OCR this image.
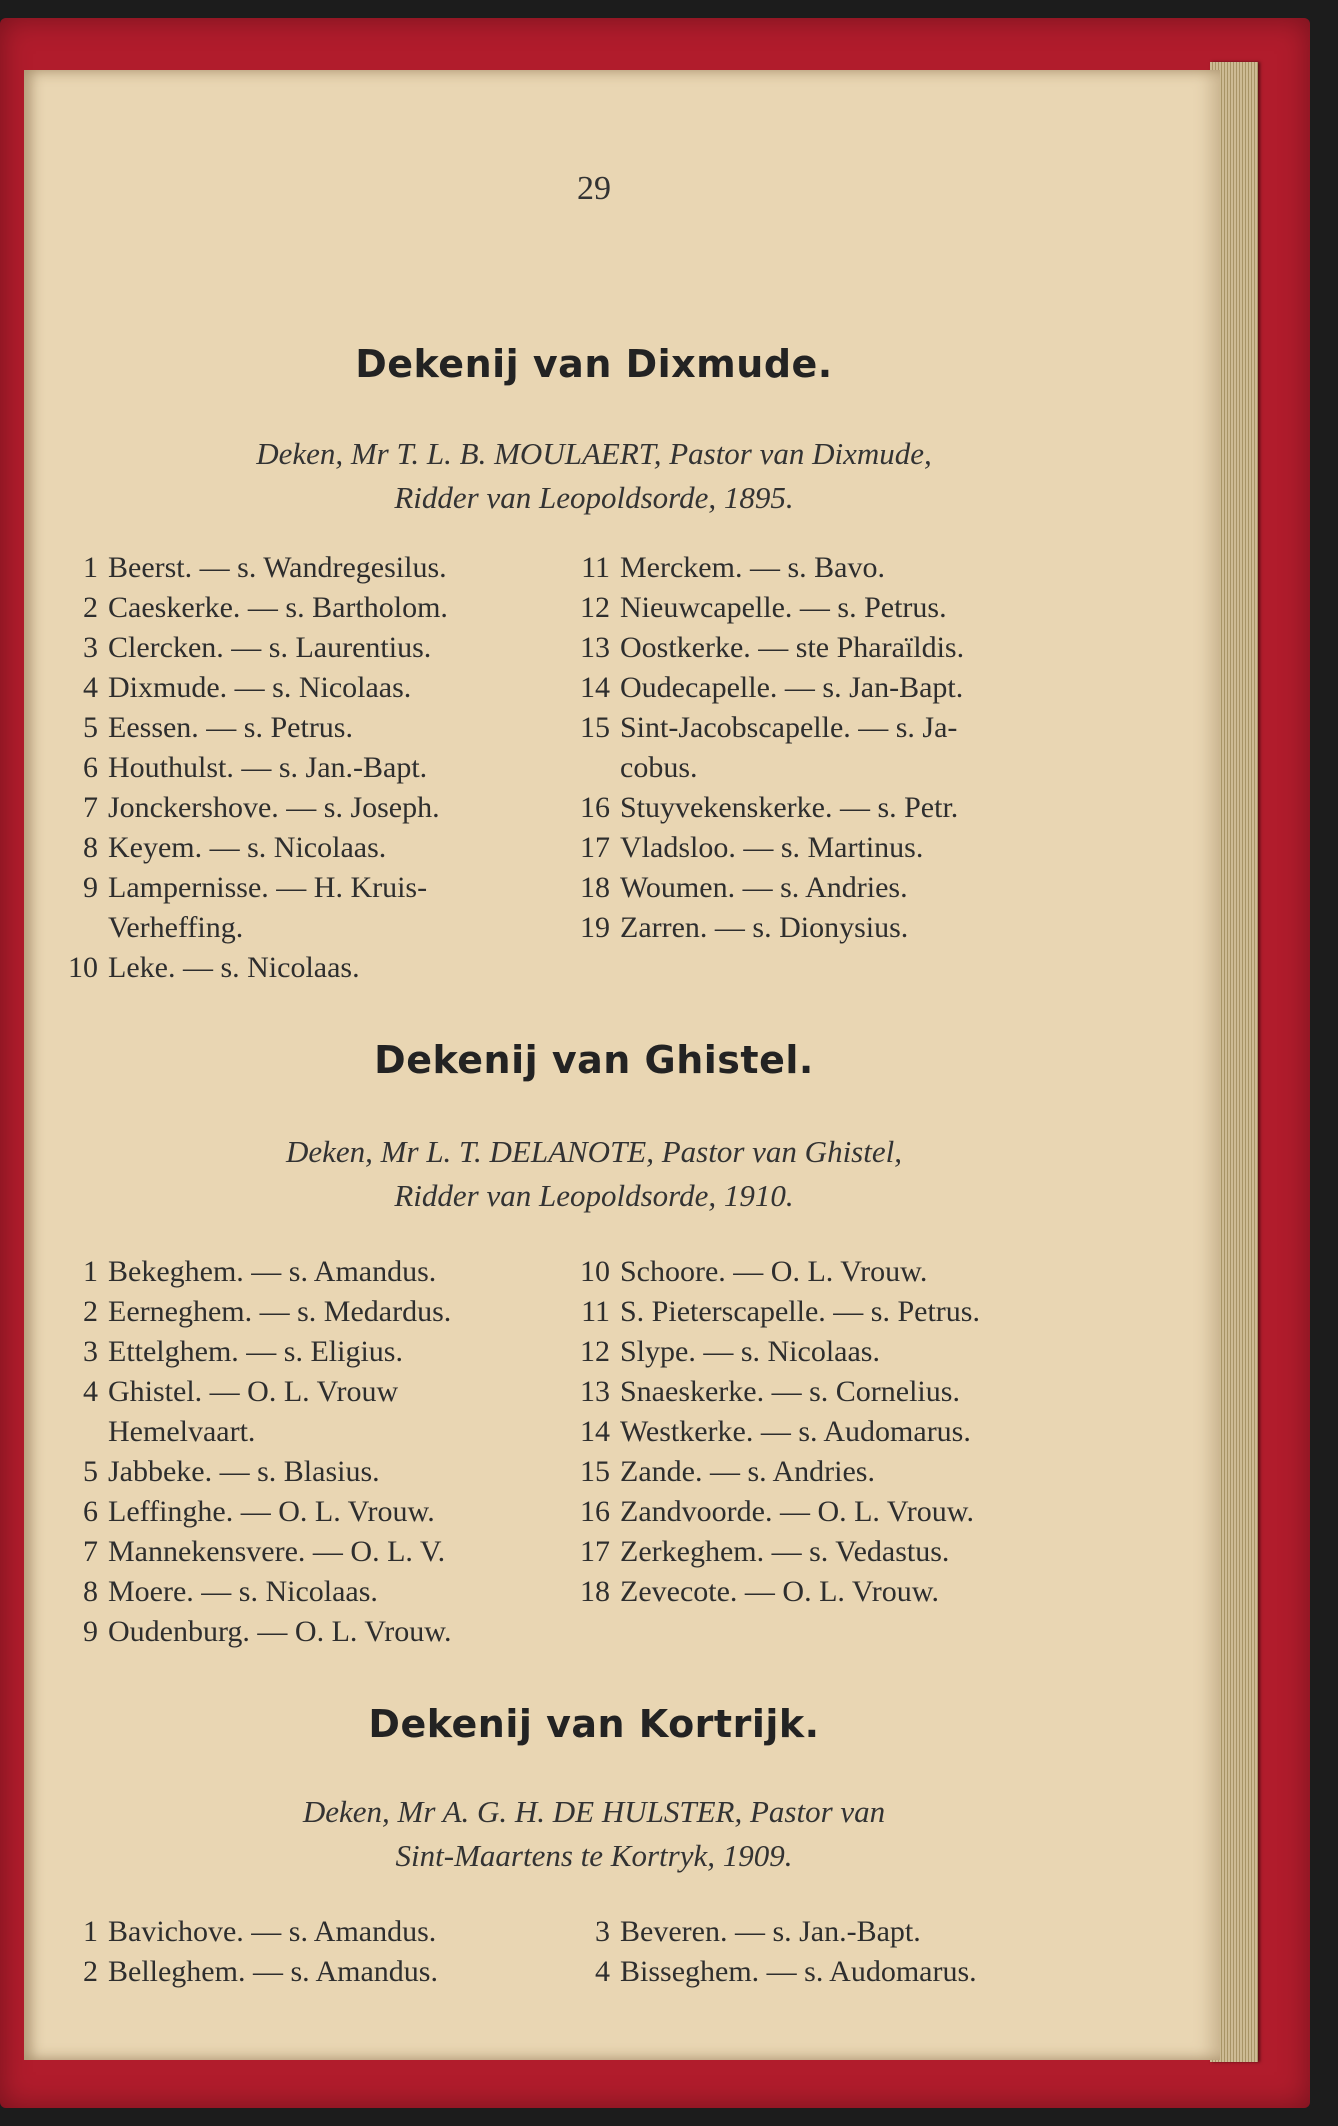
29
Dekenij van Dixmude.
Deken, Mr T. L. B. MOULAERT, Pastor van Dixmude,
Ridder van Leopoldsorde, 1895.
1 Beerst. — s. Wandregesilus.
2 Caeskerke. — s. Bartholom.
3 Clercken. — s. Laurentius.
4 Dixmude. — s. Nicolaas.
5 Eessen. — s. Petrus.
6 Houthulst. — s. Jan.-Bapt.
7 Jonckershove. — s. Joseph.
8 Keyem. — s. Nicolaas.
9 Lampernisse. — H. Kruis-
Verheffing.
10 Leke. — s. Nicolaas.
11 Merckem. — s. Bavo.
12 Nieuwcapelle. — s. Petrus.
13 Oostkerke. — ste Pharaïldis.
14 Oudecapelle. — s. Jan-Bapt.
15 Sint-Jacobscapelle. — s. Ja-
cobus.
16 Stuyvekenskerke. — s. Petr.
17 Vladsloo. — s. Martinus.
18 Woumen. — s. Andries.
19 Zarren. — s. Dionysius.
Dekenij van Ghistel.
Deken, Mr L. T. DELANOTE, Pastor van Ghistel,
Ridder van Leopoldsorde, 1910.
1 Bekeghem. — s. Amandus.
2 Eerneghem. — s. Medardus.
3 Ettelghem. — s. Eligius.
4 Ghistel. — O. L. Vrouw
Hemelvaart.
5 Jabbeke. — s. Blasius.
6 Leffinghe. — O. L. Vrouw.
7 Mannekensvere. — O. L. V.
8 Moere. — s. Nicolaas.
9 Oudenburg. — O. L. Vrouw.
10 Schoore. — O. L. Vrouw.
11 S. Pieterscapelle. — s. Petrus.
12 Slype. — s. Nicolaas.
13 Snaeskerke. — s. Cornelius.
14 Westkerke. — s. Audomarus.
15 Zande. — s. Andries.
16 Zandvoorde. — O. L. Vrouw.
17 Zerkeghem. — s. Vedastus.
18 Zevecote. — O. L. Vrouw.
Dekenij van Kortrijk.
Deken, Mr A. G. H. DE HULSTER, Pastor van
Sint-Maartens te Kortryk, 1909.
1 Bavichove. — s. Amandus.
2 Belleghem. — s. Amandus.
3 Beveren. — s. Jan.-Bapt.
4 Bisseghem. — s. Audomarus.
